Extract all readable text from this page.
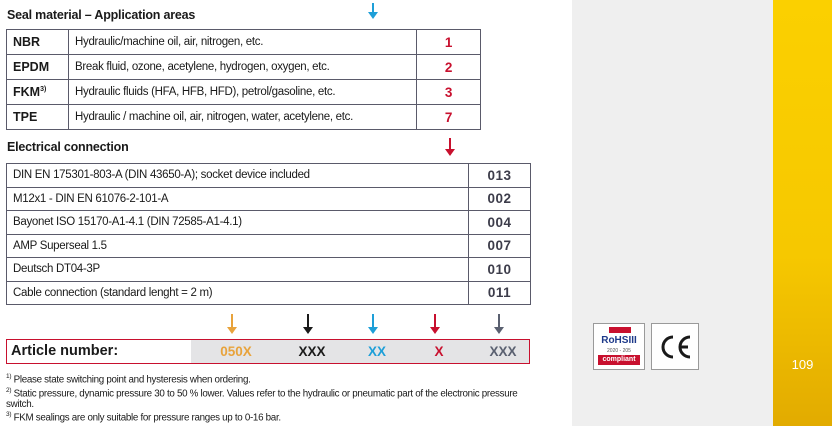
Seal material – Application areas
NBR	Hydraulic/machine oil, air, nitrogen, etc.	1
EPDM	Break fluid, ozone, acetylene, hydrogen, oxygen, etc.	2
FKM$^{3)}$	Hydraulic fluids (HFA, HFB, HFD), petrol/gasoline, etc.	3
TPE	Hydraulic / machine oil, air, nitrogen, water, acetylene, etc.	7
Electrical connection
DIN EN 175301-803-A (DIN 43650-A); socket device included	013
M12x1 - DIN EN 61076-2-101-A	002
Bayonet ISO 15170-A1-4.1 (DIN 72585-A1-4.1)	004
AMP Superseal 1.5	007
Deutsch DT04-3P	010
Cable connection (standard lenght = 2 m)	011
Article number:	050X	XXX	XX	X	XXX
$^{1)}$ Please state switching point and hysteresis when ordering.
$^{2)}$ Static pressure, dynamic pressure 30 to 50 % lower. Values refer to the hydraulic or pneumatic part of the electronic pressure switch.
$^{3)}$ FKM sealings are only suitable for pressure ranges up to 0-16 bar.
RoHSIII
2020 - 205
compliant	109
